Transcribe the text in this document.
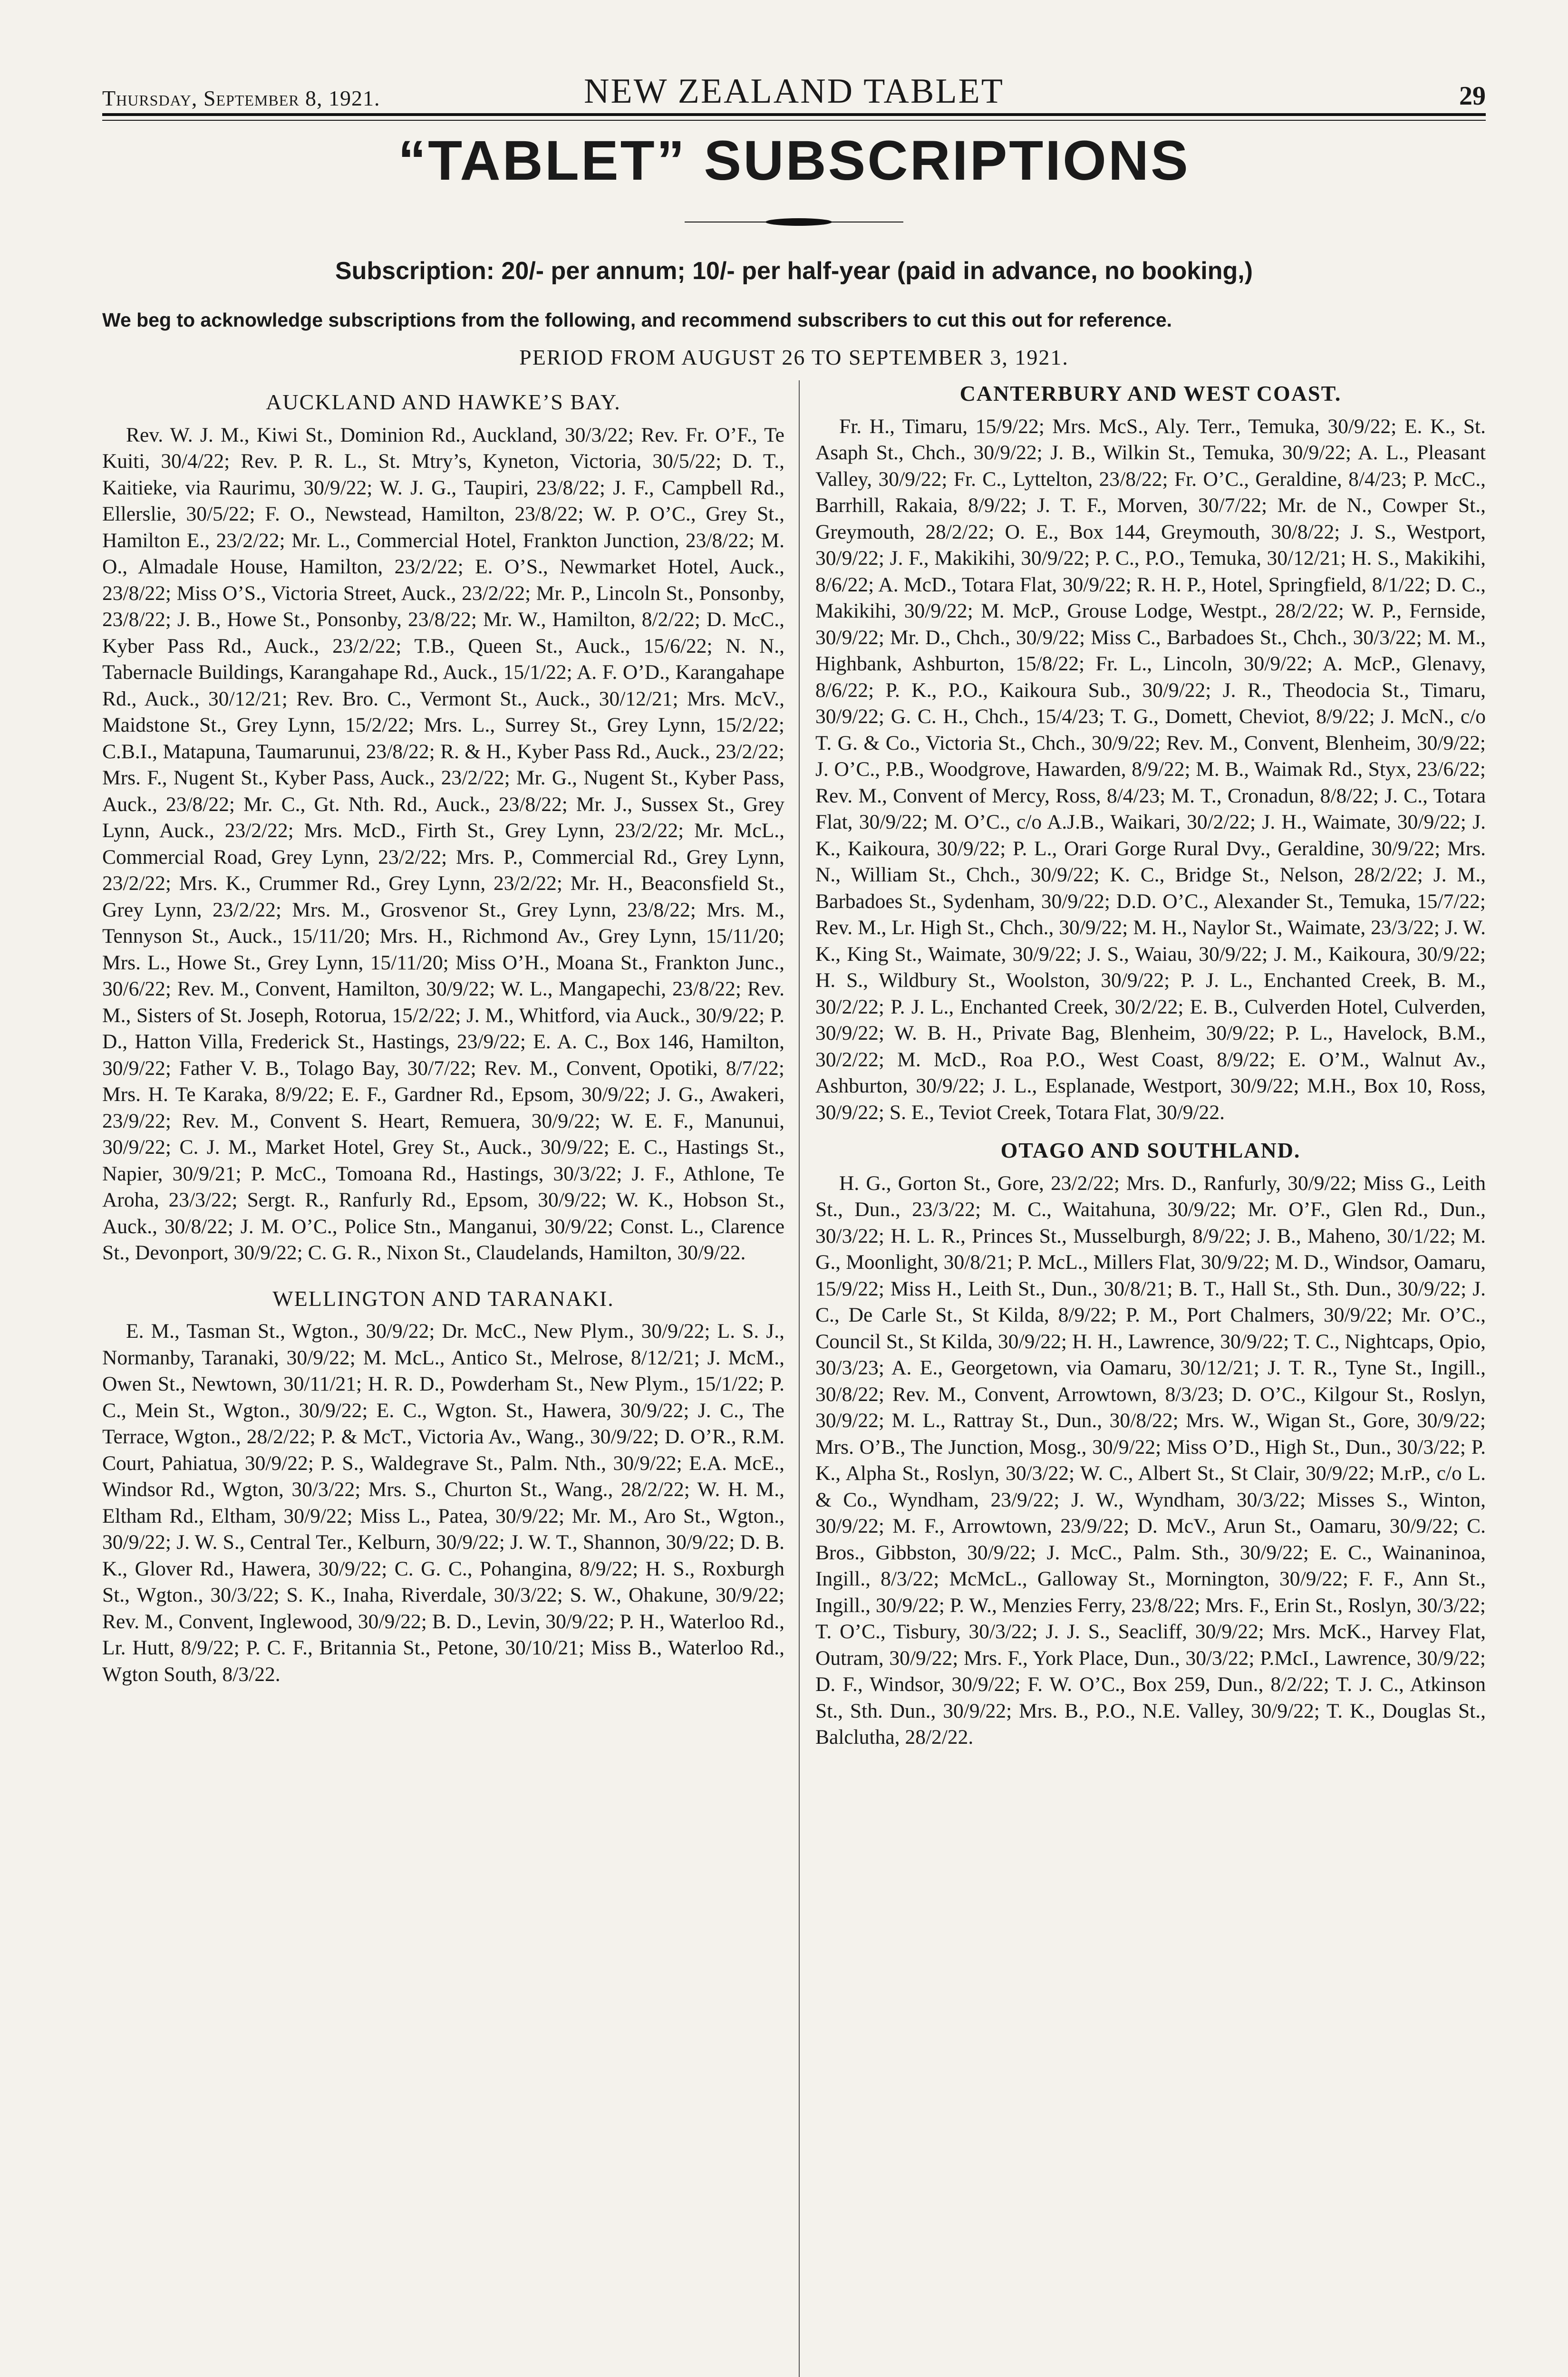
Thursday, September 8, 1921.	NEW ZEALAND TABLET	29
“TABLET” SUBSCRIPTIONS
Subscription: 20/- per annum; 10/- per half-year (paid in advance, no booking,)
We beg to acknowledge subscriptions from the following, and recommend subscribers to cut this out for reference.
PERIOD FROM AUGUST 26 TO SEPTEMBER 3, 1921.
AUCKLAND AND HAWKE’S BAY.

Rev. W. J. M., Kiwi St., Dominion Rd., Auckland, 30/3/22; Rev. Fr. O’F., Te Kuiti, 30/4/22; Rev. P. R. L., St. Mtry’s, Kyneton, Victoria, 30/5/22; D. T., Kaitieke, via Raurimu, 30/9/22; W. J. G., Taupiri, 23/8/22; J. F., Campbell Rd., Ellerslie, 30/5/22; F. O., Newstead, Hamilton, 23/8/22; W. P. O’C., Grey St., Hamilton E., 23/2/22; Mr. L., Commercial Hotel, Frankton Junction, 23/8/22; M. O., Almadale House, Hamilton, 23/2/22; E. O’S., Newmarket Hotel, Auck., 23/8/22; Miss O’S., Victoria Street, Auck., 23/2/22; Mr. P., Lincoln St., Ponsonby, 23/8/22; J. B., Howe St., Ponsonby, 23/8/22; Mr. W., Hamilton, 8/2/22; D. McC., Kyber Pass Rd., Auck., 23/2/22; T.B., Queen St., Auck., 15/6/22; N. N., Tabernacle Buildings, Karangahape Rd., Auck., 15/1/22; A. F. O’D., Karangahape Rd., Auck., 30/12/21; Rev. Bro. C., Vermont St., Auck., 30/12/21; Mrs. McV., Maidstone St., Grey Lynn, 15/2/22; Mrs. L., Surrey St., Grey Lynn, 15/2/22; C.B.I., Matapuna, Taumarunui, 23/8/22; R. & H., Kyber Pass Rd., Auck., 23/2/22; Mrs. F., Nugent St., Kyber Pass, Auck., 23/2/22; Mr. G., Nugent St., Kyber Pass, Auck., 23/8/22; Mr. C., Gt. Nth. Rd., Auck., 23/8/22; Mr. J., Sussex St., Grey Lynn, Auck., 23/2/22; Mrs. McD., Firth St., Grey Lynn, 23/2/22; Mr. McL., Commercial Road, Grey Lynn, 23/2/22; Mrs. P., Commercial Rd., Grey Lynn, 23/2/22; Mrs. K., Crummer Rd., Grey Lynn, 23/2/22; Mr. H., Beaconsfield St., Grey Lynn, 23/2/22; Mrs. M., Grosvenor St., Grey Lynn, 23/8/22; Mrs. M., Tennyson St., Auck., 15/11/20; Mrs. H., Richmond Av., Grey Lynn, 15/11/20; Mrs. L., Howe St., Grey Lynn, 15/11/20; Miss O’H., Moana St., Frankton Junc., 30/6/22; Rev. M., Convent, Hamilton, 30/9/22; W. L., Mangapechi, 23/8/22; Rev. M., Sisters of St. Joseph, Rotorua, 15/2/22; J. M., Whitford, via Auck., 30/9/22; P. D., Hatton Villa, Frederick St., Hastings, 23/9/22; E. A. C., Box 146, Hamilton, 30/9/22; Father V. B., Tolago Bay, 30/7/22; Rev. M., Convent, Opotiki, 8/7/22; Mrs. H. Te Karaka, 8/9/22; E. F., Gardner Rd., Epsom, 30/9/22; J. G., Awakeri, 23/9/22; Rev. M., Convent S. Heart, Remuera, 30/9/22; W. E. F., Manunui, 30/9/22; C. J. M., Market Hotel, Grey St., Auck., 30/9/22; E. C., Hastings St., Napier, 30/9/21; P. McC., Tomoana Rd., Hastings, 30/3/22; J. F., Athlone, Te Aroha, 23/3/22; Sergt. R., Ranfurly Rd., Epsom, 30/9/22; W. K., Hobson St., Auck., 30/8/22; J. M. O’C., Police Stn., Manganui, 30/9/22; Const. L., Clarence St., Devonport, 30/9/22; C. G. R., Nixon St., Claudelands, Hamilton, 30/9/22.

WELLINGTON AND TARANAKI.

E. M., Tasman St., Wgton., 30/9/22; Dr. McC., New Plym., 30/9/22; L. S. J., Normanby, Taranaki, 30/9/22; M. McL., Antico St., Melrose, 8/12/21; J. McM., Owen St., Newtown, 30/11/21; H. R. D., Powderham St., New Plym., 15/1/22; P. C., Mein St., Wgton., 30/9/22; E. C., Wgton. St., Hawera, 30/9/22; J. C., The Terrace, Wgton., 28/2/22; P. & McT., Victoria Av., Wang., 30/9/22; D. O’R., R.M. Court, Pahiatua, 30/9/22; P. S., Waldegrave St., Palm. Nth., 30/9/22; E.A. McE., Windsor Rd., Wgton, 30/3/22; Mrs. S., Churton St., Wang., 28/2/22; W. H. M., Eltham Rd., Eltham, 30/9/22; Miss L., Patea, 30/9/22; Mr. M., Aro St., Wgton., 30/9/22; J. W. S., Central Ter., Kelburn, 30/9/22; J. W. T., Shannon, 30/9/22; D. B. K., Glover Rd., Hawera, 30/9/22; C. G. C., Pohangina, 8/9/22; H. S., Roxburgh St., Wgton., 30/3/22; S. K., Inaha, Riverdale, 30/3/22; S. W., Ohakune, 30/9/22; Rev. M., Convent, Inglewood, 30/9/22; B. D., Levin, 30/9/22; P. H., Waterloo Rd., Lr. Hutt, 8/9/22; P. C. F., Britannia St., Petone, 30/10/21; Miss B., Waterloo Rd., Wgton South, 8/3/22.

CANTERBURY AND WEST COAST.

Fr. H., Timaru, 15/9/22; Mrs. McS., Aly. Terr., Temuka, 30/9/22; E. K., St. Asaph St., Chch., 30/9/22; J. B., Wilkin St., Temuka, 30/9/22; A. L., Pleasant Valley, 30/9/22; Fr. C., Lyttelton, 23/8/22; Fr. O’C., Geraldine, 8/4/23; P. McC., Barrhill, Rakaia, 8/9/22; J. T. F., Morven, 30/7/22; Mr. de N., Cowper St., Greymouth, 28/2/22; O. E., Box 144, Greymouth, 30/8/22; J. S., Westport, 30/9/22; J. F., Makikihi, 30/9/22; P. C., P.O., Temuka, 30/12/21; H. S., Makikihi, 8/6/22; A. McD., Totara Flat, 30/9/22; R. H. P., Hotel, Springfield, 8/1/22; D. C., Makikihi, 30/9/22; M. McP., Grouse Lodge, Westpt., 28/2/22; W. P., Fernside, 30/9/22; Mr. D., Chch., 30/9/22; Miss C., Barbadoes St., Chch., 30/3/22; M. M., Highbank, Ashburton, 15/8/22; Fr. L., Lincoln, 30/9/22; A. McP., Glenavy, 8/6/22; P. K., P.O., Kaikoura Sub., 30/9/22; J. R., Theodocia St., Timaru, 30/9/22; G. C. H., Chch., 15/4/23; T. G., Domett, Cheviot, 8/9/22; J. McN., c/o T. G. & Co., Victoria St., Chch., 30/9/22; Rev. M., Convent, Blenheim, 30/9/22; J. O’C., P.B., Woodgrove, Hawarden, 8/9/22; M. B., Waimak Rd., Styx, 23/6/22; Rev. M., Convent of Mercy, Ross, 8/4/23; M. T., Cronadun, 8/8/22; J. C., Totara Flat, 30/9/22; M. O’C., c/o A.J.B., Waikari, 30/2/22; J. H., Waimate, 30/9/22; J. K., Kaikoura, 30/9/22; P. L., Orari Gorge Rural Dvy., Geraldine, 30/9/22; Mrs. N., William St., Chch., 30/9/22; K. C., Bridge St., Nelson, 28/2/22; J. M., Barbadoes St., Sydenham, 30/9/22; D.D. O’C., Alexander St., Temuka, 15/7/22; Rev. M., Lr. High St., Chch., 30/9/22; M. H., Naylor St., Waimate, 23/3/22; J. W. K., King St., Waimate, 30/9/22; J. S., Waiau, 30/9/22; J. M., Kaikoura, 30/9/22; H. S., Wildbury St., Woolston, 30/9/22; P. J. L., Enchanted Creek, B. M., 30/2/22; P. J. L., Enchanted Creek, 30/2/22; E. B., Culverden Hotel, Culverden, 30/9/22; W. B. H., Private Bag, Blenheim, 30/9/22; P. L., Havelock, B.M., 30/2/22; M. McD., Roa P.O., West Coast, 8/9/22; E. O’M., Walnut Av., Ashburton, 30/9/22; J. L., Esplanade, Westport, 30/9/22; M.H., Box 10, Ross, 30/9/22; S. E., Teviot Creek, Totara Flat, 30/9/22.

OTAGO AND SOUTHLAND.

H. G., Gorton St., Gore, 23/2/22; Mrs. D., Ranfurly, 30/9/22; Miss G., Leith St., Dun., 23/3/22; M. C., Waitahuna, 30/9/22; Mr. O’F., Glen Rd., Dun., 30/3/22; H. L. R., Princes St., Musselburgh, 8/9/22; J. B., Maheno, 30/1/22; M. G., Moonlight, 30/8/21; P. McL., Millers Flat, 30/9/22; M. D., Windsor, Oamaru, 15/9/22; Miss H., Leith St., Dun., 30/8/21; B. T., Hall St., Sth. Dun., 30/9/22; J. C., De Carle St., St Kilda, 8/9/22; P. M., Port Chalmers, 30/9/22; Mr. O’C., Council St., St Kilda, 30/9/22; H. H., Lawrence, 30/9/22; T. C., Nightcaps, Opio, 30/3/23; A. E., Georgetown, via Oamaru, 30/12/21; J. T. R., Tyne St., Ingill., 30/8/22; Rev. M., Convent, Arrowtown, 8/3/23; D. O’C., Kilgour St., Roslyn, 30/9/22; M. L., Rattray St., Dun., 30/8/22; Mrs. W., Wigan St., Gore, 30/9/22; Mrs. O’B., The Junction, Mosg., 30/9/22; Miss O’D., High St., Dun., 30/3/22; P. K., Alpha St., Roslyn, 30/3/22; W. C., Albert St., St Clair, 30/9/22; M.rP., c/o L. & Co., Wyndham, 23/9/22; J. W., Wyndham, 30/3/22; Misses S., Winton, 30/9/22; M. F., Arrowtown, 23/9/22; D. McV., Arun St., Oamaru, 30/9/22; C. Bros., Gibbston, 30/9/22; J. McC., Palm. Sth., 30/9/22; E. C., Wainaninoa, Ingill., 8/3/22; McMcL., Galloway St., Mornington, 30/9/22; F. F., Ann St., Ingill., 30/9/22; P. W., Menzies Ferry, 23/8/22; Mrs. F., Erin St., Roslyn, 30/3/22; T. O’C., Tisbury, 30/3/22; J. J. S., Seacliff, 30/9/22; Mrs. McK., Harvey Flat, Outram, 30/9/22; Mrs. F., York Place, Dun., 30/3/22; P.McI., Lawrence, 30/9/22; D. F., Windsor, 30/9/22; F. W. O’C., Box 259, Dun., 8/2/22; T. J. C., Atkinson St., Sth. Dun., 30/9/22; Mrs. B., P.O., N.E. Valley, 30/9/22; T. K., Douglas St., Balclutha, 28/2/22.
